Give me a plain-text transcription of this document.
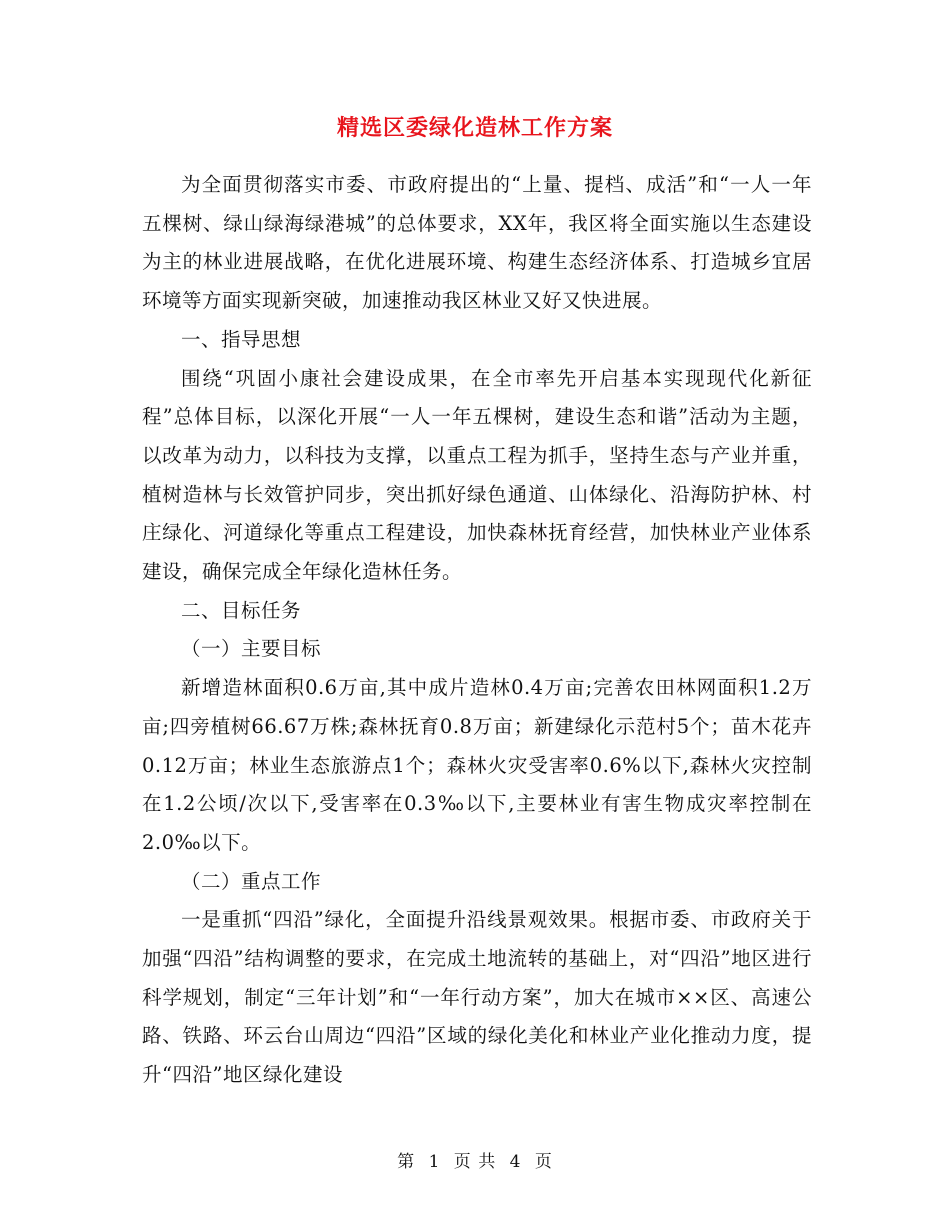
精选区委绿化造林工作方案

为全面贯彻落实市委、市政府提出的“上量、提档、成活”和“一人一年五棵树、绿山绿海绿港城”的总体要求，XX年，我区将全面实施以生态建设为主的林业进展战略，在优化进展环境、构建生态经济体系、打造城乡宜居环境等方面实现新突破，加速推动我区林业又好又快进展。

一、指导思想

围绕“巩固小康社会建设成果，在全市率先开启基本实现现代化新征程”总体目标，以深化开展“一人一年五棵树，建设生态和谐”活动为主题，以改革为动力，以科技为支撑，以重点工程为抓手，坚持生态与产业并重，植树造林与长效管护同步，突出抓好绿色通道、山体绿化、沿海防护林、村庄绿化、河道绿化等重点工程建设，加快森林抚育经营，加快林业产业体系建设，确保完成全年绿化造林任务。

二、目标任务

（一）主要目标

新增造林面积0.6万亩,其中成片造林0.4万亩;完善农田林网面积1.2万亩;四旁植树66.67万株;森林抚育0.8万亩；新建绿化示范村5个；苗木花卉0.12万亩；林业生态旅游点1个；森林火灾受害率0.6%以下,森林火灾控制在1.2公顷/次以下,受害率在0.3‰以下,主要林业有害生物成灾率控制在2.0‰以下。

（二）重点工作

一是重抓“四沿”绿化，全面提升沿线景观效果。根据市委、市政府关于加强“四沿”结构调整的要求，在完成土地流转的基础上，对“四沿”地区进行科学规划，制定“三年计划”和“一年行动方案”，加大在城市××区、高速公路、铁路、环云台山周边“四沿”区域的绿化美化和林业产业化推动力度，提升“四沿”地区绿化建设

第 1 页 共 4 页
